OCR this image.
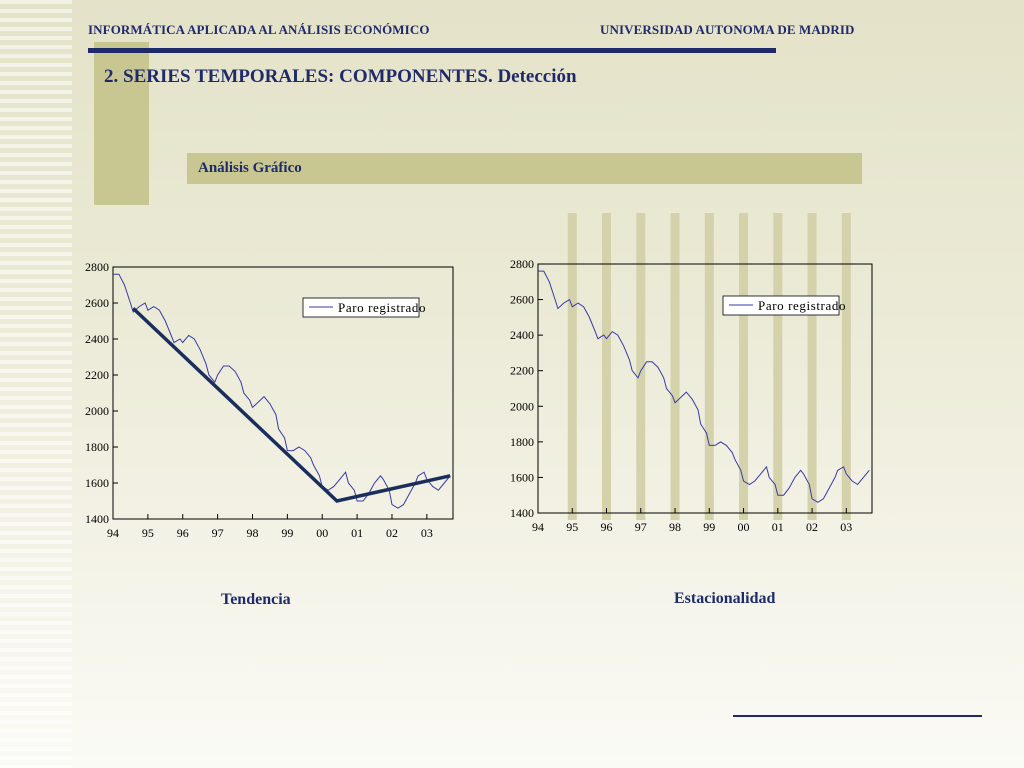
INFORMÁTICA APLICADA AL ANÁLISIS ECONÓMICO	UNIVERSIDAD AUTONOMA DE MADRID
2. SERIES TEMPORALES: COMPONENTES. Detección
Análisis Gráfico
1400
1600
1800
2000
2200
2400
2600
2800
94 95 96 97 98 99 00 01 02 03
Paro registrado
1400
1600
1800
2000
2200
2400
2600
2800
94 95 96 97 98 99 00 01 02 03
Paro registrado
Tendencia	Estacionalidad
